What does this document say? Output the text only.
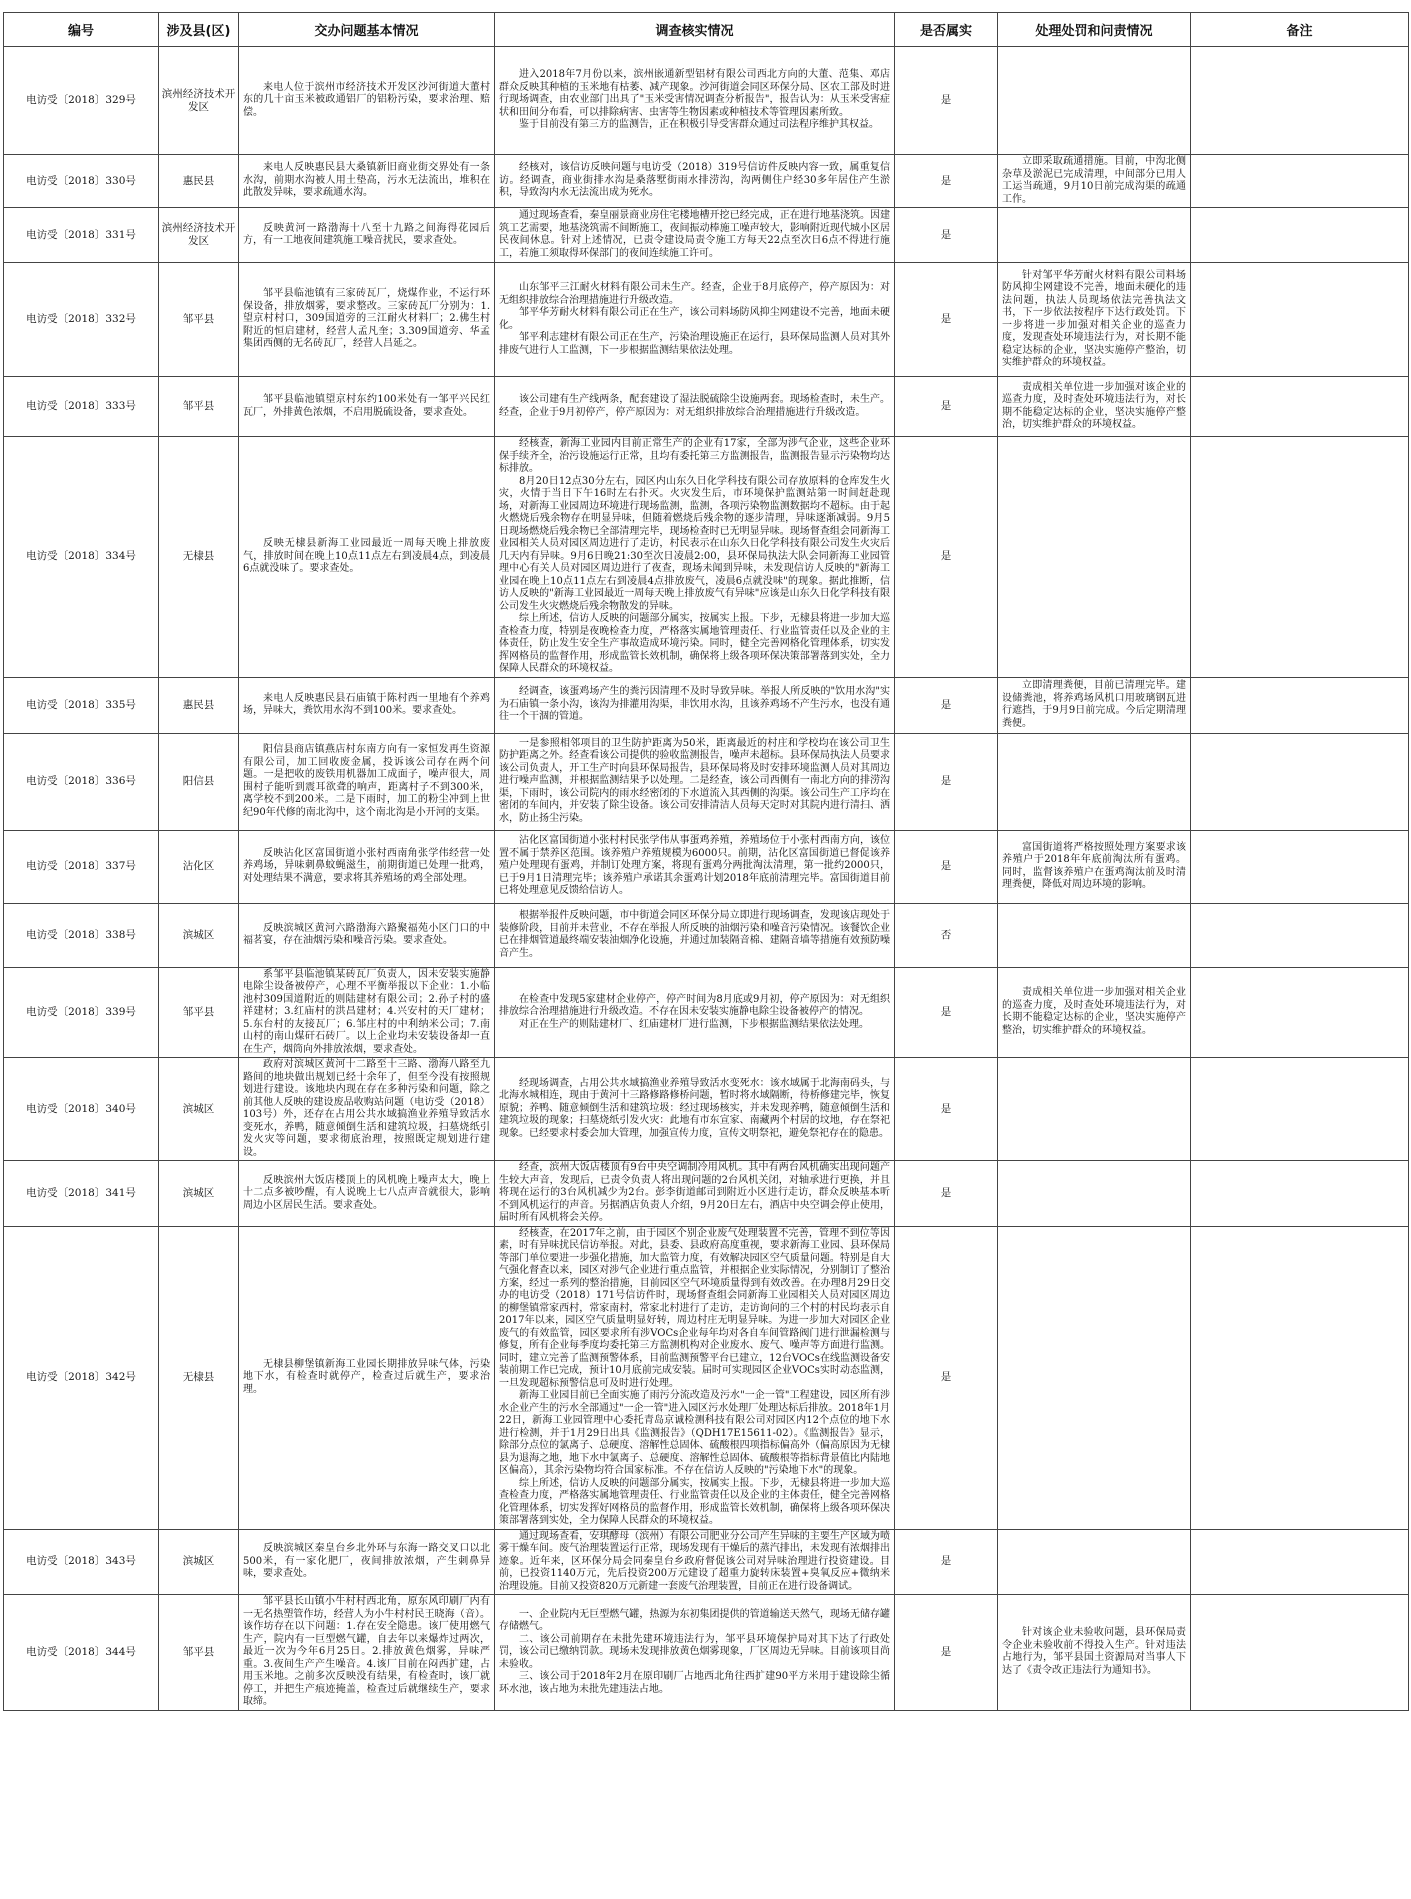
编号	涉及县(区)	交办问题基本情况	调查核实情况	是否属实	处理处罚和问责情况	备注
电访受〔2018〕329号	滨州经济技术开发区	来电人位于滨州市经济技术开发区沙河街道大董村东的几十亩玉米被政通铝厂的铝粉污染，要求治理、赔偿。	进入2018年7月份以来，滨州嵌通新型铝材有限公司西北方向的大董、范集、邓店群众反映其种植的玉米地有枯萎、减产现象。沙河街道会同区环保分局、区农工部及时进行现场调查，由农业部门出具了"玉米受害情况调查分析报告"，报告认为：从玉米受害症状和田间分布看，可以排除病害、虫害等生物因素或种植技术等管理因素所致。
鉴于目前没有第三方的监测告，正在积极引导受害群众通过司法程序维护其权益。	是	

电访受〔2018〕330号	惠民县	来电人反映惠民县大桑镇新旧商业街交界处有一条水沟，前期水沟被人用土垫高，污水无法流出，堆积在此散发异味，要求疏通水沟。	经核对，该信访反映问题与电访受（2018）319号信访件反映内容一致，属重复信访。经调查，商业街排水沟是桑落墅街雨水排涝沟，沟两侧住户经30多年居住产生淤积，导致沟内水无法流出成为死水。	是	立即采取疏通措施。目前，中沟北侧杂草及淤泥已完成清理，中间部分已用人工运当疏通，9月10日前完成沟渠的疏通工作。	

电访受〔2018〕331号	滨州经济技术开发区	反映黄河一路渤海十八至十九路之间海得花园后方，有一工地夜间建筑施工噪音扰民，要求查处。	通过现场查看，秦皇丽景商业房住宅楼地槽开挖已经完成，正在进行地基浇筑。因建筑工艺需要，地基浇筑需不间断施工，夜间振动棒施工噪声较大，影响附近现代城小区居民夜间休息。针对上述情况，已责令建设局责令施工方每天22点至次日6点不得进行施工，若施工须取得环保部门的夜间连续施工许可。	是	

电访受〔2018〕332号	邹平县	邹平县临池镇有三家砖瓦厂，烧煤作业，不运行环保设备，排放烟雾，要求整改。三家砖瓦厂分别为：1.望京村村口，309国道旁的三江耐火材料厂；2.佛生村附近的恒启建材，经营人孟凡奎；3.309国道旁、华孟集团西侧的无名砖瓦厂，经营人吕延之。	山东邹平三江耐火材料有限公司未生产。经查，企业于8月底停产，停产原因为：对无组织排放综合治理措施进行升级改造。
邹平华芳耐火材料有限公司正在生产，该公司料场防风抑尘网建设不完善，地面未硬化。
邹平利志建材有限公司正在生产，污染治理设施正在运行，县环保局监测人员对其外排废气进行人工监测，下一步根据监测结果依法处理。	是	针对邹平华芳耐火材料有限公司料场防风抑尘网建设不完善，地面未硬化的违法问题，执法人员现场依法完善执法文书，下一步依法按程序下达行政处罚。下一步将进一步加强对相关企业的巡查力度，发现查处环境违法行为，对长期不能稳定达标的企业，坚决实施停产整治，切实维护群众的环境权益。	

电访受〔2018〕333号	邹平县	邹平县临池镇望京村东约100米处有一邹平兴民红瓦厂，外排黄色浓烟，不启用脱硫设备，要求查处。	该公司建有生产线两条，配套建设了湿法脱硫除尘设施两套。现场检查时，未生产。经查，企业于9月初停产，停产原因为：对无组织排放综合治理措施进行升级改造。	是	责成相关单位进一步加强对该企业的巡查力度，及时查处环境违法行为，对长期不能稳定达标的企业，坚决实施停产整治，切实维护群众的环境权益。	

电访受〔2018〕334号	无棣县	反映无棣县新海工业园最近一周每天晚上排放废气，排放时间在晚上10点11点左右到凌晨4点，到凌晨6点就没味了。要求查处。	经核查，新海工业园内目前正常生产的企业有17家，全部为涉气企业，这些企业环保手续齐全，治污设施运行正常，且均有委托第三方监测报告，监测报告显示污染物均达标排放。
8月20日12点30分左右，园区内山东久日化学科技有限公司存放原料的仓库发生火灾，火情于当日下午16时左右扑灭。火灾发生后，市环境保护监测站第一时间赶赴现场，对新海工业园周边环境进行现场监测，监测，各项污染物监测数据均不超标。由于起火燃烧后残余物存在明显异味，但随着燃烧后残余物的逐步清理，异味逐渐减弱。9月5日现场燃烧后残余物已全部清理完毕，现场检查时已无明显异味。现场督查组会同新海工业园相关人员对园区周边进行了走访，村民表示在山东久日化学科技有限公司发生火灾后几天内有异味。9月6日晚21:30至次日凌晨2:00，县环保局执法大队会同新海工业园管理中心有关人员对园区周边进行了夜查，现场未闻到异味，未发现信访人反映的"新海工业园在晚上10点11点左右到凌晨4点排放废气，凌晨6点就没味"的现象。据此推断，信访人反映的"新海工业园最近一周每天晚上排放废气有异味"应该是山东久日化学科技有限公司发生火灾燃烧后残余物散发的异味。
综上所述，信访人反映的问题部分属实，按属实上报。下步，无棣县将进一步加大巡查检查力度，特别是夜晚检查力度，严格落实属地管理责任、行业监管责任以及企业的主体责任，防止发生安全生产事故造成环境污染。同时，健全完善网格化管理体系，切实发挥网格员的监督作用，形成监管长效机制，确保将上级各项环保决策部署落到实处，全力保障人民群众的环境权益。	是	

电访受〔2018〕335号	惠民县	来电人反映惠民县石庙镇于陈村西一里地有个养鸡场，异味大，粪饮用水沟不到100米。要求查处。	经调查，该蛋鸡场产生的粪污因清理不及时导致异味。举报人所反映的"饮用水沟"实为石庙镇一条小沟，该沟为排灌用沟渠，非饮用水沟，且该养鸡场不产生污水，也没有通往一个干涸的管道。	是	立即清理粪便，目前已清理完毕。建设储粪池，将养鸡场风机口用玻璃钢瓦进行遮挡，于9月9日前完成。今后定期清理粪便。	

电访受〔2018〕336号	阳信县	阳信县商店镇燕店村东南方向有一家恒发再生资源有限公司，加工回收废金属，投诉该公司存在两个问题。一是把收的废铁用机器加工成面子，噪声很大，周围村子能听到震耳欲聋的响声，距离村子不到300米，离学校不到200米。二是下雨时，加工的粉尘冲到上世纪90年代修的南北沟中，这个南北沟是小开河的支渠。	一是参照相邻项目的卫生防护距离为50米，距离最近的村庄和学校均在该公司卫生防护距离之外。经查看该公司提供的验收监测报告，噪声未超标。县环保局执法人员要求该公司负责人，开工生产时向县环保局报告，县环保局将及时安排环境监测人员对其周边进行噪声监测，并根据监测结果予以处理。二是经查，该公司西侧有一南北方向的排涝沟渠，下雨时，该公司院内的雨水经密闭的下水道流入其西侧的沟渠。该公司生产工序均在密闭的车间内，并安装了除尘设备。该公司安排清洁人员每天定时对其院内进行清扫、洒水，防止扬尘污染。	是	

电访受〔2018〕337号	沾化区	反映沾化区富国街道小张村西南角张学伟经营一处养鸡场，异味刺鼻蚊蝇滋生，前期街道已处理一批鸡，对处理结果不满意，要求将其养殖场的鸡全部处理。	沾化区富国街道小张村村民张学伟从事蛋鸡养殖，养殖场位于小张村西南方向，该位置不属于禁养区范围。该养殖户养殖规模为6000只。前期，沾化区富国街道已督促该养殖户处理现有蛋鸡，并制订处理方案，将现有蛋鸡分两批淘汰清理，第一批约2000只，已于9月1日清理完毕；该养殖户承诺其余蛋鸡计划2018年底前清理完毕。富国街道目前已将处理意见反馈给信访人。	是	富国街道将严格按照处理方案要求该养殖户于2018年年底前淘汰所有蛋鸡。同时，监督该养殖户在蛋鸡淘汰前及时清理粪便，降低对周边环境的影响。	

电访受〔2018〕338号	滨城区	反映滨城区黄河六路渤海六路聚福苑小区门口的中福茗宴，存在油烟污染和噪音污染。要求查处。	根据举报件反映问题，市中街道会同区环保分局立即进行现场调查，发现该店现处于装修阶段，目前并未营业，不存在举报人所反映的油烟污染和噪音污染情况。该餐饮企业已在排烟管道最终端安装油烟净化设施，并通过加装隔音棉、建隔音墙等措施有效预防噪音产生。	否	

电访受〔2018〕339号	邹平县	系邹平县临池镇某砖瓦厂负责人，因未安装实施静电除尘设备被停产，心理不平衡举报以下企业：1.小临池村309国道附近的则陆建材有限公司；2.孙子村的盛祥建材；3.红庙村的洪昌建材；4.兴安村的天厂建材；5.东台村的友接瓦厂；6.邹庄村的中利纳米公司；7.南山村的南山煤矸石砖厂。以上企业均未安装设备却一直在生产，烟筒向外排放浓烟，要求查处。	在检查中发现5家建材企业停产，停产时间为8月底或9月初，停产原因为：对无组织排放综合治理措施进行升级改造。不存在因未安装实施静电除尘设备被停产的情况。
对正在生产的则陆建材厂、红庙建材厂进行监测，下步根据监测结果依法处理。	是	责成相关单位进一步加强对相关企业的巡查力度，及时查处环境违法行为，对长期不能稳定达标的企业，坚决实施停产整治，切实维护群众的环境权益。	

电访受〔2018〕340号	滨城区	政府对滨城区黄河十二路至十三路、渤海八路至九路间的地块做出规划已经十余年了，但至今没有按照规划进行建设。该地块内现在存在多种污染和问题，除之前其他人反映的建设废品收购站问题（电访受（2018）103号）外，还存在占用公共水域搞渔业养殖导致活水变死水，养鸭，随意倾倒生活和建筑垃圾，扫墓烧纸引发火灾等问题，要求彻底治理，按照既定规划进行建设。	经现场调查，占用公共水域搞渔业养殖导致活水变死水：该水域属于北海南码头，与北海水城相连，现由于黄河十三路修路修桥问题，暂时将水域隔断，待桥修建完毕，恢复原貌；养鸭、随意倾倒生活和建筑垃圾：经过现场核实，并未发现养鸭，随意倾倒生活和建筑垃圾的现象；扫墓烧纸引发火灾：此地有市东宣家、南藏两个村居的坟地，存在祭祀现象。已经要求村委会加大管理，加强宣传力度，宣传文明祭祀，避免祭祀存在的隐患。	是	

电访受〔2018〕341号	滨城区	反映滨州大饭店楼顶上的风机晚上噪声太大，晚上十二点多被吵醒，有人说晚上七八点声音就很大，影响周边小区居民生活。要求查处。	经查，滨州大饭店楼顶有9台中央空调制冷用风机。其中有两台风机确实出现问题产生较大声音，发现后，已责令负责人将出现问题的2台风机关闭，对轴承进行更换，并且将现在运行的3台风机减少为2台。彭李街道邮司到附近小区进行走访，群众反映基本听不到风机运行的声音。另据酒店负责人介绍，9月20日左右，酒店中央空调会停止使用，届时所有风机将会关停。	是	

电访受〔2018〕342号	无棣县	无棣县柳堡镇新海工业园长期排放异味气体，污染地下水，有检查时就停产，检查过后就生产，要求治理。	经核查，在2017年之前，由于园区个别企业废气处理装置不完善，管理不到位等因素，时有异味扰民信访举报。对此，县委、县政府高度重视，要求新海工业园、县环保局等部门单位要进一步强化措施，加大监管力度，有效解决园区空气质量问题。特别是自大气强化督查以来，园区对涉气企业进行重点监管，并根据企业实际情况，分别制订了整治方案，经过一系列的整治措施，目前园区空气环境质量得到有效改善。在办理8月29日交办的电访受（2018）171号信访件时，现场督查组会同新海工业园相关人员对园区周边的柳堡镇常家西村，常家南村，常家北村进行了走访，走访询问的三个村的村民均表示自2017年以来，园区空气质量明显好转，周边村庄无明显异味。为进一步加大对园区企业废气的有效监管，园区要求所有涉VOCs企业每年均对各自车间管路阀门进行泄漏检测与修复，所有企业每季度均委托第三方监测机构对企业废水、废气、噪声等方面进行监测。同时，建立完善了监测预警体系，目前监测预警平台已建立，12台VOCs在线监测设备安装前期工作已完成，预计10月底前完成安装。届时可实现园区企业VOCs实时动态监测，一旦发现超标预警信息可及时进行处理。
新海工业园目前已全面实施了雨污分流改造及污水"一企一管"工程建设，园区所有涉水企业产生的污水全部通过"一企一管"进入园区污水处理厂处理达标后排放。2018年1月22日，新海工业园管理中心委托青岛京诚检测科技有限公司对园区内12个点位的地下水进行检测，并于1月29日出具《监测报告》（QDH17E15611-02）。《监测报告》显示，除部分点位的氯离子、总硬度、溶解性总固体、硫酸根四项指标偏高外（偏高原因为无棣县为退海之地，地下水中氯离子、总硬度、溶解性总固体、硫酸根等指标背景值比内陆地区偏高），其余污染物均符合国家标准。不存在信访人反映的"污染地下水"的现象。
综上所述，信访人反映的问题部分属实，按属实上报。下步，无棣县将进一步加大巡查检查力度，严格落实属地管理责任、行业监管责任以及企业的主体责任，健全完善网格化管理体系，切实发挥好网格员的监督作用，形成监管长效机制，确保将上级各项环保决策部署落到实处，全力保障人民群众的环境权益。	是	

电访受〔2018〕343号	滨城区	反映滨城区秦皇台乡北外环与东海一路交叉口以北500米，有一家化肥厂，夜间排放浓烟，产生刺鼻异味，要求查处。	通过现场查看，安琪酵母（滨州）有限公司肥业分公司产生异味的主要生产区域为喷雾干燥车间。废气治理装置运行正常，现场发现有干燥后的蒸汽排出，未发现有浓烟排出迹象。近年来，区环保分局会同秦皇台乡政府督促该公司对异味治理进行投资建设。目前，已投资1140万元，先后投资200万元建设了超重力旋转床装置+臭氧反应+微纳米治理设施。目前又投资820万元新建一套废气治理装置，目前正在进行设备调试。	是	

电访受〔2018〕344号	邹平县	邹平县长山镇小牛村村西北角，原东风印刷厂内有一无名热塑管作坊，经营人为小牛村村民王晓海（音）。该作坊存在以下问题：1.存在安全隐患。该厂使用燃气生产，院内有一巨型燃气罐，自去年以来爆炸过两次，最近一次为今年6月25日。2.排放黄色烟雾，异味严重。3.夜间生产产生噪音。4.该厂目前在闷西扩建，占用玉米地。之前多次反映没有结果，有检查时，该厂就停工，并把生产痕迹掩盖，检查过后就继续生产，要求取缔。	一、企业院内无巨型燃气罐，热源为东初集团提供的管道输送天然气，现场无储存罐存储燃气。
二、该公司前期存在未批先建环境违法行为，邹平县环境保护局对其下达了行政处罚，该公司已缴纳罚款。现场未发现排放黄色烟雾现象，厂区周边无异味。目前该项目尚未验收。
三、该公司于2018年2月在原印刷厂占地西北角往西扩建90平方米用于建设除尘循环水池，该占地为未批先建违法占地。	是	针对该企业未验收问题，县环保局责令企业未验收前不得投入生产。针对违法占地行为，邹平县国土资源局对当事人下达了《责令改正违法行为通知书》。	
